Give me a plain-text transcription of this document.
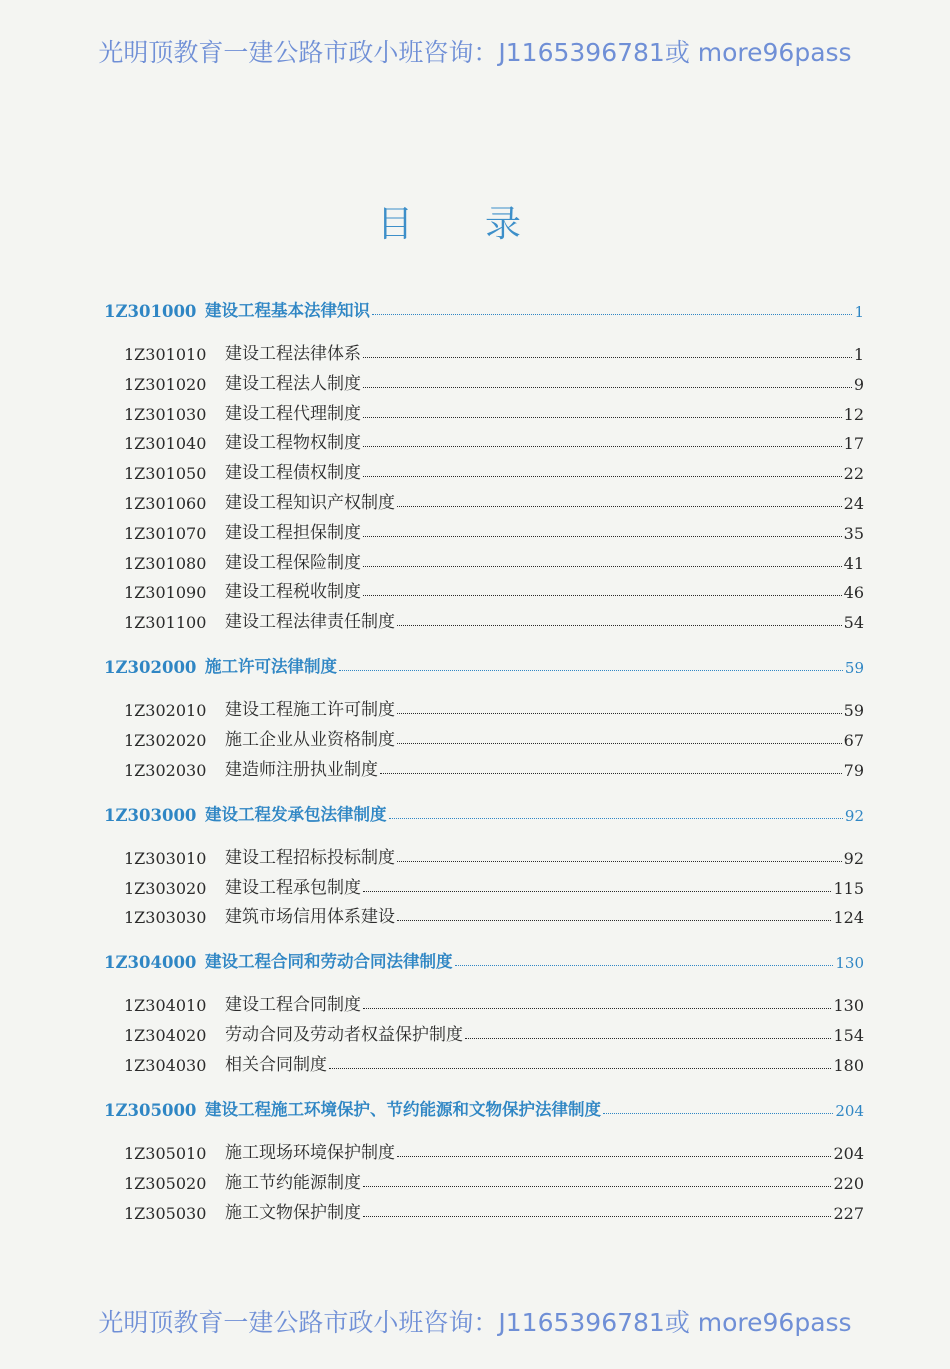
光明顶教育一建公路市政小班咨询：J1165396781或 more96pass
目录
1Z301000 建设工程基本法律知识	1
1Z301010	建设工程法律体系	1
1Z301020	建设工程法人制度	9
1Z301030	建设工程代理制度	12
1Z301040	建设工程物权制度	17
1Z301050	建设工程债权制度	22
1Z301060	建设工程知识产权制度	24
1Z301070	建设工程担保制度	35
1Z301080	建设工程保险制度	41
1Z301090	建设工程税收制度	46
1Z301100	建设工程法律责任制度	54
1Z302000 施工许可法律制度	59
1Z302010	建设工程施工许可制度	59
1Z302020	施工企业从业资格制度	67
1Z302030	建造师注册执业制度	79
1Z303000 建设工程发承包法律制度	92
1Z303010	建设工程招标投标制度	92
1Z303020	建设工程承包制度	115
1Z303030	建筑市场信用体系建设	124
1Z304000 建设工程合同和劳动合同法律制度	130
1Z304010	建设工程合同制度	130
1Z304020	劳动合同及劳动者权益保护制度	154
1Z304030	相关合同制度	180
1Z305000 建设工程施工环境保护、节约能源和文物保护法律制度	204
1Z305010	施工现场环境保护制度	204
1Z305020	施工节约能源制度	220
1Z305030	施工文物保护制度	227
光明顶教育一建公路市政小班咨询：J1165396781或 more96pass
